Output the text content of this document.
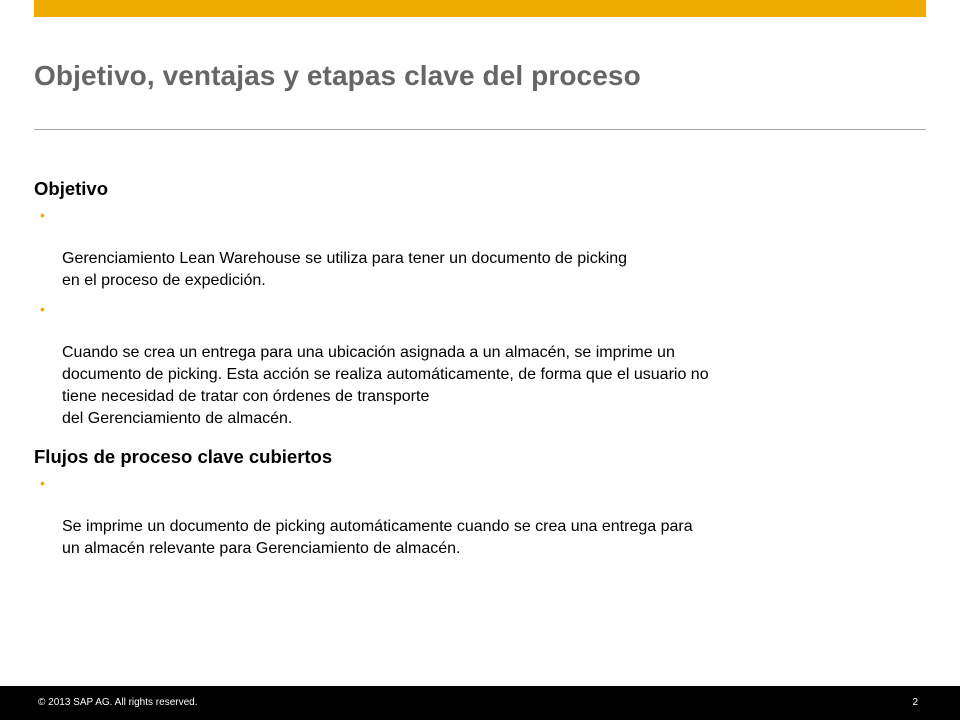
Objetivo, ventajas y etapas clave del proceso
Objetivo

•

Gerenciamiento Lean Warehouse se utiliza para tener un documento de picking
en el proceso de expedición.

•

Cuando se crea un entrega para una ubicación asignada a un almacén, se imprime un
documento de picking. Esta acción se realiza automáticamente, de forma que el usuario no
tiene necesidad de tratar con órdenes de transporte
del Gerenciamiento de almacén.

Flujos de proceso clave cubiertos

•

Se imprime un documento de picking automáticamente cuando se crea una entrega para
un almacén relevante para Gerenciamiento de almacén.

© 2013 SAP AG. All rights reserved.	2
